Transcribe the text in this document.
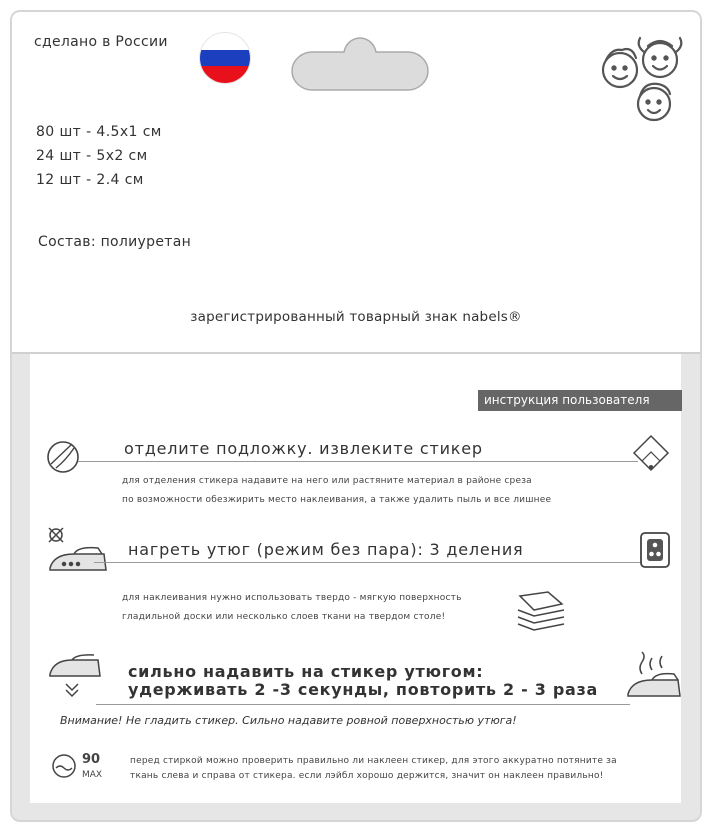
сделано в России
80 шт - 4.5x1 см
24 шт - 5x2 см
12 шт - 2.4 см
Состав: полиуретан
зарегистрированный товарный знак nabels®
инструкция пользователя
отделите подложку. извлеките стикер
для отделения стикера надавите на него или растяните материал в районе среза
по возможности обезжирить место наклеивания, а также удалить пыль и все лишнее
нагреть утюг (режим без пара): 3 деления
для наклеивания нужно использовать твердо - мягкую поверхность
гладильной доски или несколько слоев ткани на твердом столе!
сильно надавить на стикер утюгом:
удерживать 2 -3 секунды, повторить 2 - 3 раза
Внимание! Не гладить стикер. Сильно надавите ровной поверхностью утюга!
90
MAX
перед стиркой можно проверить правильно ли наклеен стикер, для этого аккуратно потяните за
ткань слева и справа от стикера. если лэйбл хорошо держится, значит он наклеен правильно!
